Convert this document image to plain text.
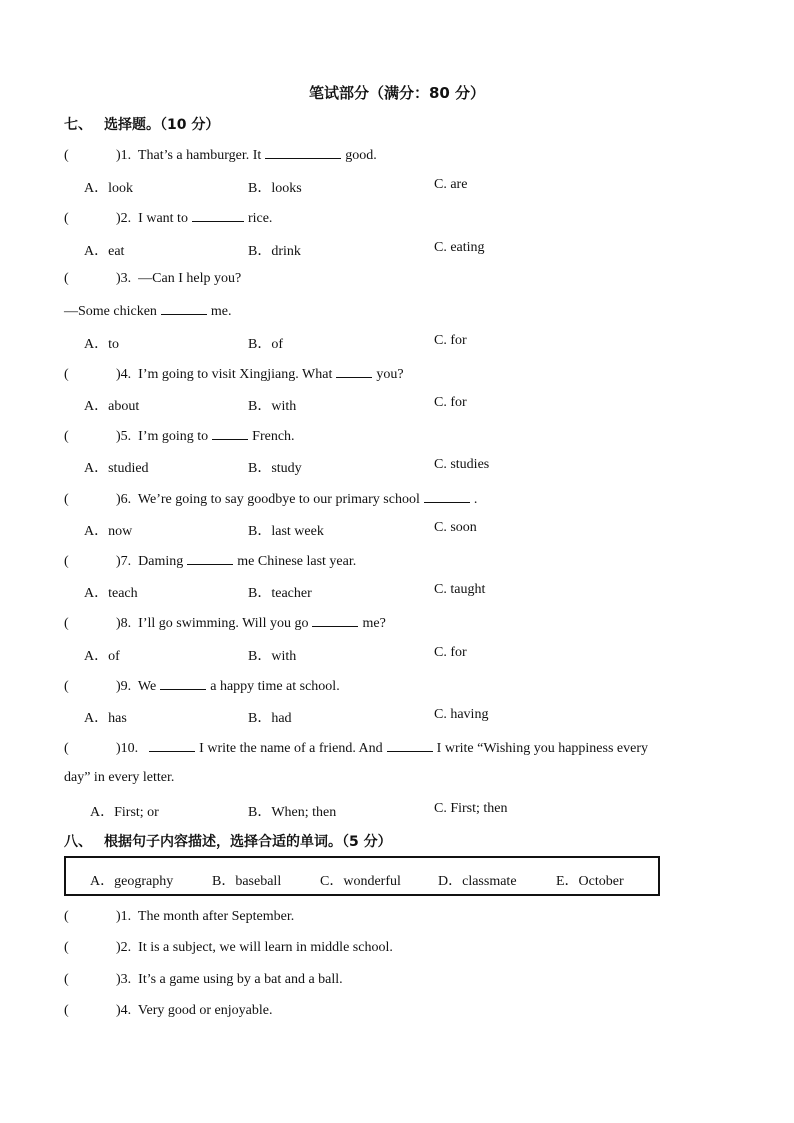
笔试部分（满分：80 分）
七、 选择题。（10 分）
(	)1. That’s a hamburger. It	good.
A．look	B．looks	C. are
(	)2. I want to	rice.
A．eat	B．drink	C. eating
(	)3. —Can I help you?
—Some chicken	me.
A．to	B．of	C. for
(	)4. I’m going to visit Xingjiang. What	you?
A．about	B．with	C. for
(	)5. I’m going to	French.
A．studied	B．study	C. studies
(	)6. We’re going to say goodbye to our primary school	.
A．now	B．last week	C. soon
(	)7. Daming	me Chinese last year.
A．teach	B．teacher	C. taught
(	)8. I’ll go swimming. Will you go	me?
A．of	B．with	C. for
(	)9. We	a happy time at school.
A．has	B．had	C. having
(	)10.	I write the name of a friend. And	I write “Wishing you happiness every
day” in every letter.
A．First; or	B．When; then	C. First; then
八、 根据句子内容描述，选择合适的单词。（5 分）
A．geography	B．baseball	C．wonderful	D．classmate	E．October
(	)1. The month after September.
(	)2. It is a subject, we will learn in middle school.
(	)3. It’s a game using by a bat and a ball.
(	)4. Very good or enjoyable.
